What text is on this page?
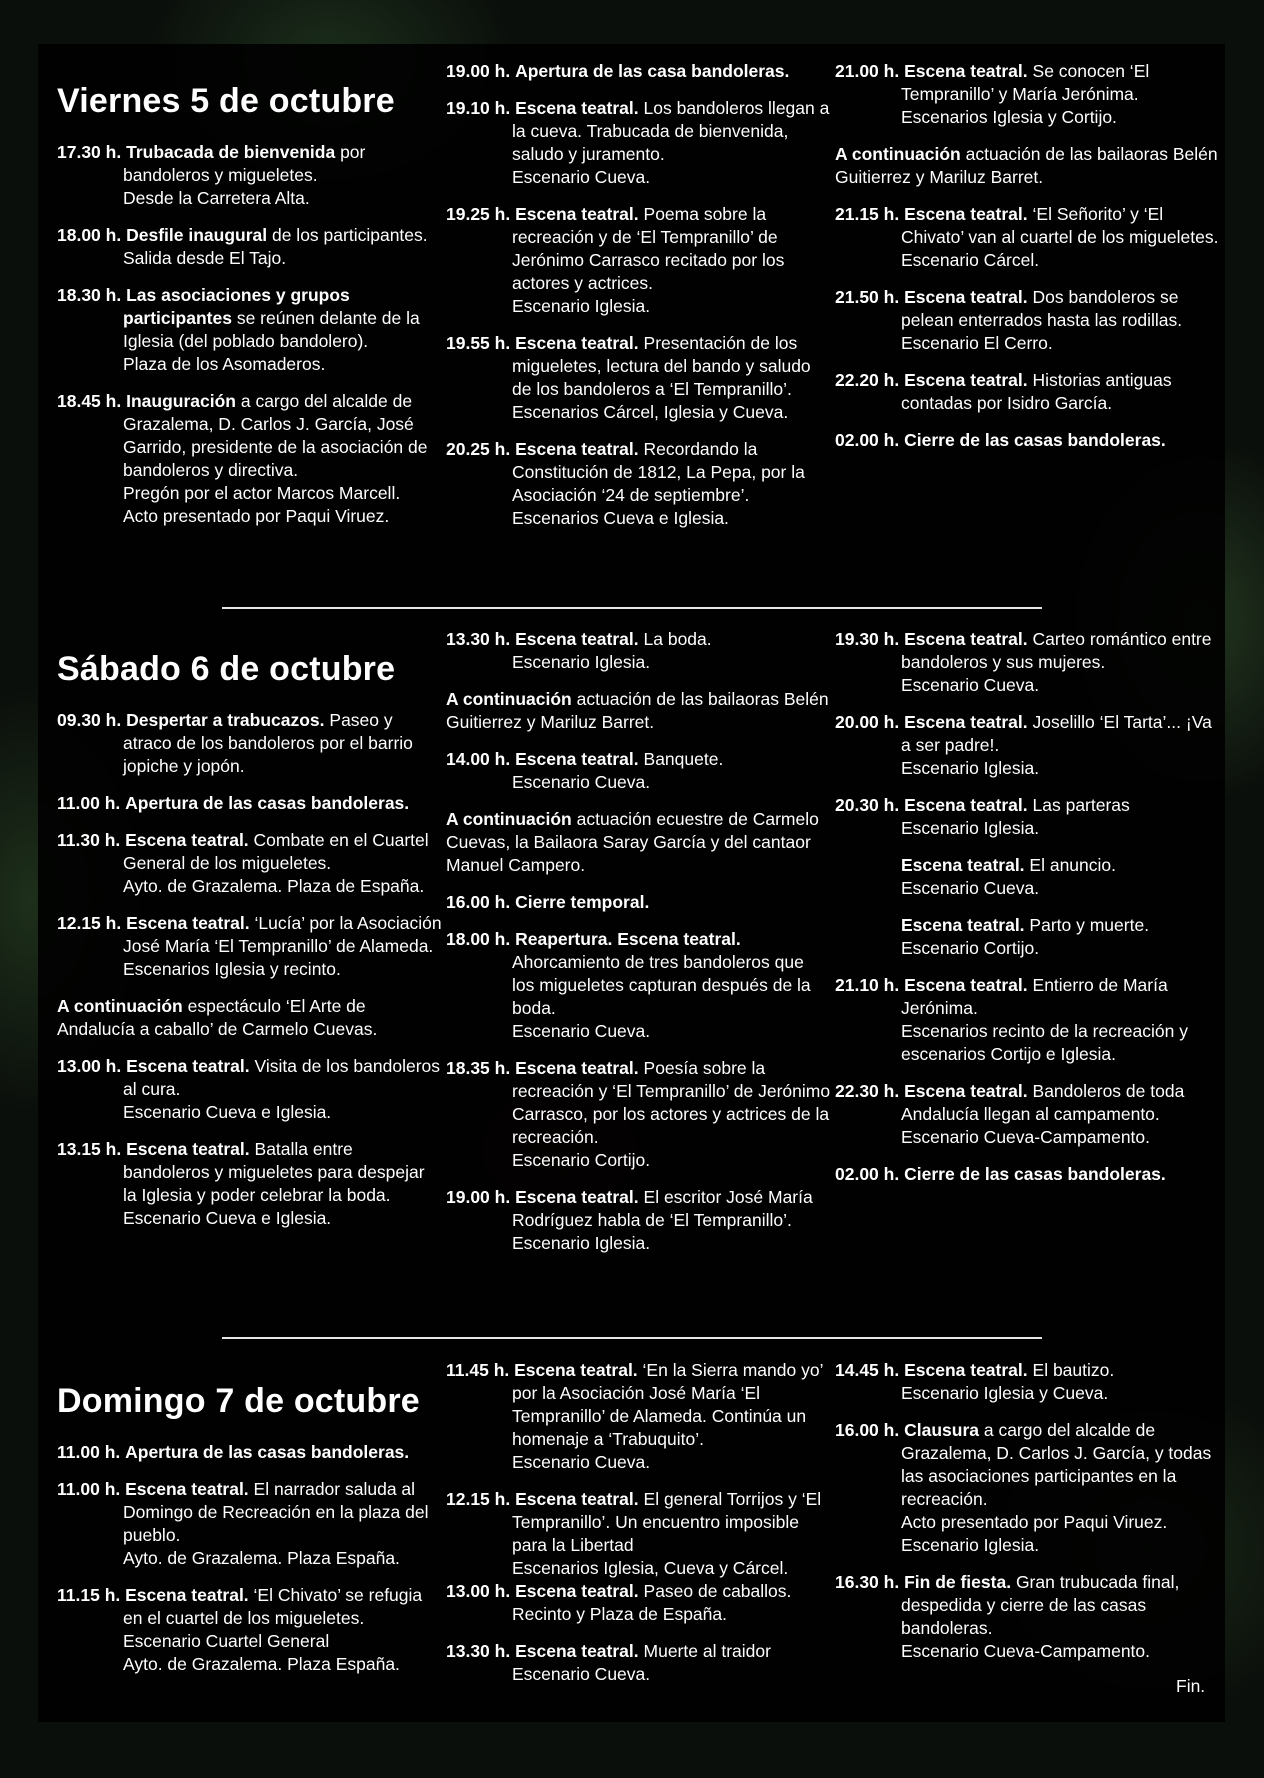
Viernes 5 de octubre
17.30 h. Trubacada de bienvenida por bandoleros y migueletes.
Desde la Carretera Alta.
18.00 h. Desfile inaugural de los participantes.
Salida desde El Tajo.
18.30 h. Las asociaciones y grupos participantes se reúnen delante de la Iglesia (del poblado bandolero).
Plaza de los Asomaderos.
18.45 h. Inauguración a cargo del alcalde de Grazalema, D. Carlos J. García, José Garrido, presidente de la asociación de bandoleros y directiva.
Pregón por el actor Marcos Marcell.
Acto presentado por Paqui Viruez.
19.00 h. Apertura de las casa bandoleras.
19.10 h. Escena teatral. Los bandoleros llegan a la cueva. Trabucada de bienvenida, saludo y juramento.
Escenario Cueva.
19.25 h. Escena teatral. Poema sobre la recreación y de ‘El Tempranillo’ de Jerónimo Carrasco recitado por los actores y actrices.
Escenario Iglesia.
19.55 h. Escena teatral. Presentación de los migueletes, lectura del bando y saludo de los bandoleros a ‘El Tempranillo’.
Escenarios Cárcel, Iglesia y Cueva.
20.25 h. Escena teatral. Recordando la Constitución de 1812, La Pepa, por la Asociación ‘24 de septiembre’.
Escenarios Cueva e Iglesia.
21.00 h. Escena teatral. Se conocen ‘El Tempranillo’ y María Jerónima.
Escenarios Iglesia y Cortijo.
A continuación actuación de las bailaoras Belén Guitierrez y Mariluz Barret.
21.15 h. Escena teatral. ‘El Señorito’ y ‘El Chivato’ van al cuartel de los migueletes.
Escenario Cárcel.
21.50 h. Escena teatral. Dos bandoleros se pelean enterrados hasta las rodillas.
Escenario El Cerro.
22.20 h. Escena teatral. Historias antiguas contadas por Isidro García.
02.00 h. Cierre de las casas bandoleras.
Sábado 6 de octubre
09.30 h. Despertar a trabucazos. Paseo y atraco de los bandoleros por el barrio jopiche y jopón.
11.00 h. Apertura de las casas bandoleras.
11.30 h. Escena teatral. Combate en el Cuartel General de los migueletes.
Ayto. de Grazalema. Plaza de España.
12.15 h. Escena teatral. ‘Lucía’ por la Asociación José María ‘El Tempranillo’ de Alameda.
Escenarios Iglesia y recinto.
A continuación espectáculo ‘El Arte de Andalucía a caballo’ de Carmelo Cuevas.
13.00 h. Escena teatral. Visita de los bandoleros al cura.
Escenario Cueva e Iglesia.
13.15 h. Escena teatral. Batalla entre bandoleros y migueletes para despejar la Iglesia y poder celebrar la boda.
Escenario Cueva e Iglesia.
13.30 h. Escena teatral. La boda.
Escenario Iglesia.
A continuación actuación de las bailaoras Belén Guitierrez y Mariluz Barret.
14.00 h. Escena teatral. Banquete.
Escenario Cueva.
A continuación actuación ecuestre de Carmelo Cuevas, la Bailaora Saray García y del cantaor Manuel Campero.
16.00 h. Cierre temporal.
18.00 h. Reapertura. Escena teatral. Ahorcamiento de tres bandoleros que los migueletes capturan después de la boda.
Escenario Cueva.
18.35 h. Escena teatral. Poesía sobre la recreación y ‘El Tempranillo’ de Jerónimo Carrasco, por los actores y actrices de la recreación.
Escenario Cortijo.
19.00 h. Escena teatral. El escritor José María Rodríguez habla de ‘El Tempranillo’.
Escenario Iglesia.
19.30 h. Escena teatral. Carteo romántico entre bandoleros y sus mujeres.
Escenario Cueva.
20.00 h. Escena teatral. Joselillo ‘El Tarta’... ¡Va a ser padre!.
Escenario Iglesia.
20.30 h. Escena teatral. Las parteras
Escenario Iglesia.
Escena teatral. El anuncio.
Escenario Cueva.
Escena teatral. Parto y muerte.
Escenario Cortijo.
21.10 h. Escena teatral. Entierro de María Jerónima.
Escenarios recinto de la recreación y escenarios Cortijo e Iglesia.
22.30 h. Escena teatral. Bandoleros de toda Andalucía llegan al campamento.
Escenario Cueva-Campamento.
02.00 h. Cierre de las casas bandoleras.
Domingo 7 de octubre
11.00 h. Apertura de las casas bandoleras.
11.00 h. Escena teatral. El narrador saluda al Domingo de Recreación en la plaza del pueblo.
Ayto. de Grazalema. Plaza España.
11.15 h. Escena teatral. ‘El Chivato’ se refugia en el cuartel de los migueletes.
Escenario Cuartel General
Ayto. de Grazalema. Plaza España.
11.45 h. Escena teatral. ‘En la Sierra mando yo’ por la Asociación José María ‘El Tempranillo’ de Alameda. Continúa un homenaje a ‘Trabuquito’.
Escenario Cueva.
12.15 h. Escena teatral. El general Torrijos y ‘El Tempranillo’. Un encuentro imposible para la Libertad
Escenarios Iglesia, Cueva y Cárcel.
13.00 h. Escena teatral. Paseo de caballos.
Recinto y Plaza de España.
13.30 h. Escena teatral. Muerte al traidor
Escenario Cueva.
14.45 h. Escena teatral. El bautizo.
Escenario Iglesia y Cueva.
16.00 h. Clausura a cargo del alcalde de Grazalema, D. Carlos J. García, y todas las asociaciones participantes en la recreación.
Acto presentado por Paqui Viruez.
Escenario Iglesia.
16.30 h. Fin de fiesta. Gran trubucada final, despedida y cierre de las casas bandoleras.
Escenario Cueva-Campamento.
Fin.
